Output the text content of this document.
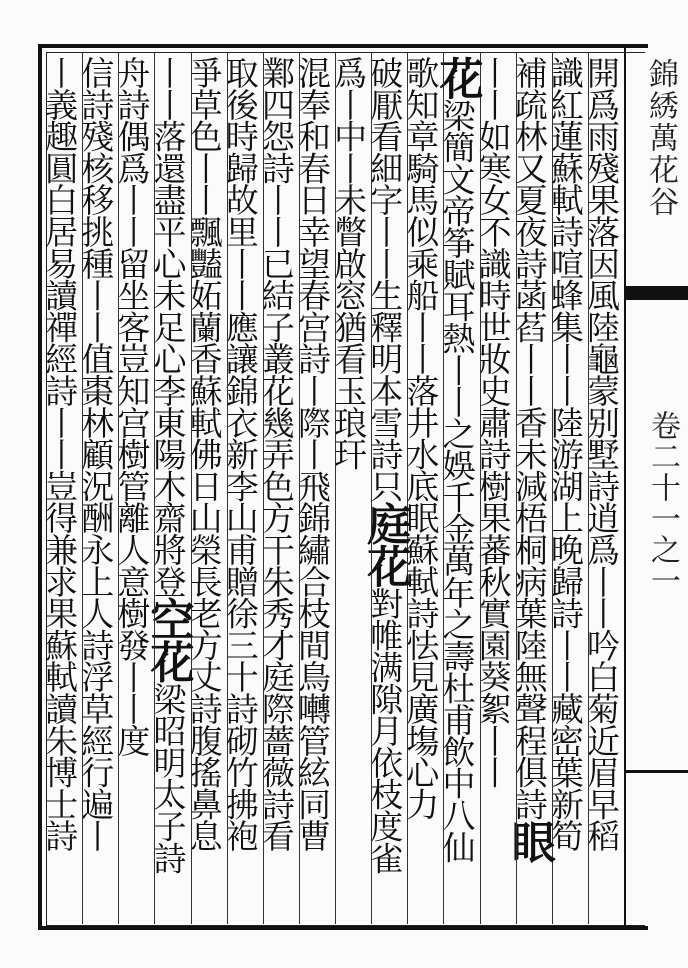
錦綉萬花谷
卷二十一之一
開爲雨殘果落因風陸龜蒙别墅詩逍爲丨丨吟白菊近眉早稻
識紅蓮蘇軾詩喧蜂集丨丨陸游湖上晚歸詩丨丨藏密葉新筍
補疏林又夏夜詩菡萏丨丨香未減梧桐病葉陸無聲程俱詩眼
丨丨如寒女不識時世妝史肅詩樹果蕃秋實園葵絮丨丨
花梁簡文帝筝賦耳熱丨丨之娛千金萬年之壽杜甫飲中八仙
歌知章騎馬似乘船丨丨落井水底眠蘇軾詩怯見廣塲心力
破厭看細字丨丨生釋明本雪詩只庭花對帷满隙月依枝度雀
爲丨中丨未瞥啟窓猶看玉琅玕
混奉和春日幸望春宫詩丨際丨飛錦繡合枝間鳥囀管絃同曹
鄴四怨詩丨丨已結子叢花幾弄色方干朱秀才庭際薔薇詩看
取後時歸故里丨丨應讓錦衣新李山甫贈徐三十詩砌竹拂袍
爭草色丨丨飄豔妬蘭香蘇軾佛日山榮長老方丈詩腹搖鼻息
丨丨落還盡平心未足心李東陽木齋將登空花梁昭明太子詩
舟詩偶爲丨丨留坐客豈知宫樹管離人意樹發丨丨度
信詩殘核移挑種丨丨值棗林顧況酬永上人詩浮草經行遍丨
丨義趣圓白居易讀禪經詩丨丨豈得兼求果蘇軾讀朱博士詩
